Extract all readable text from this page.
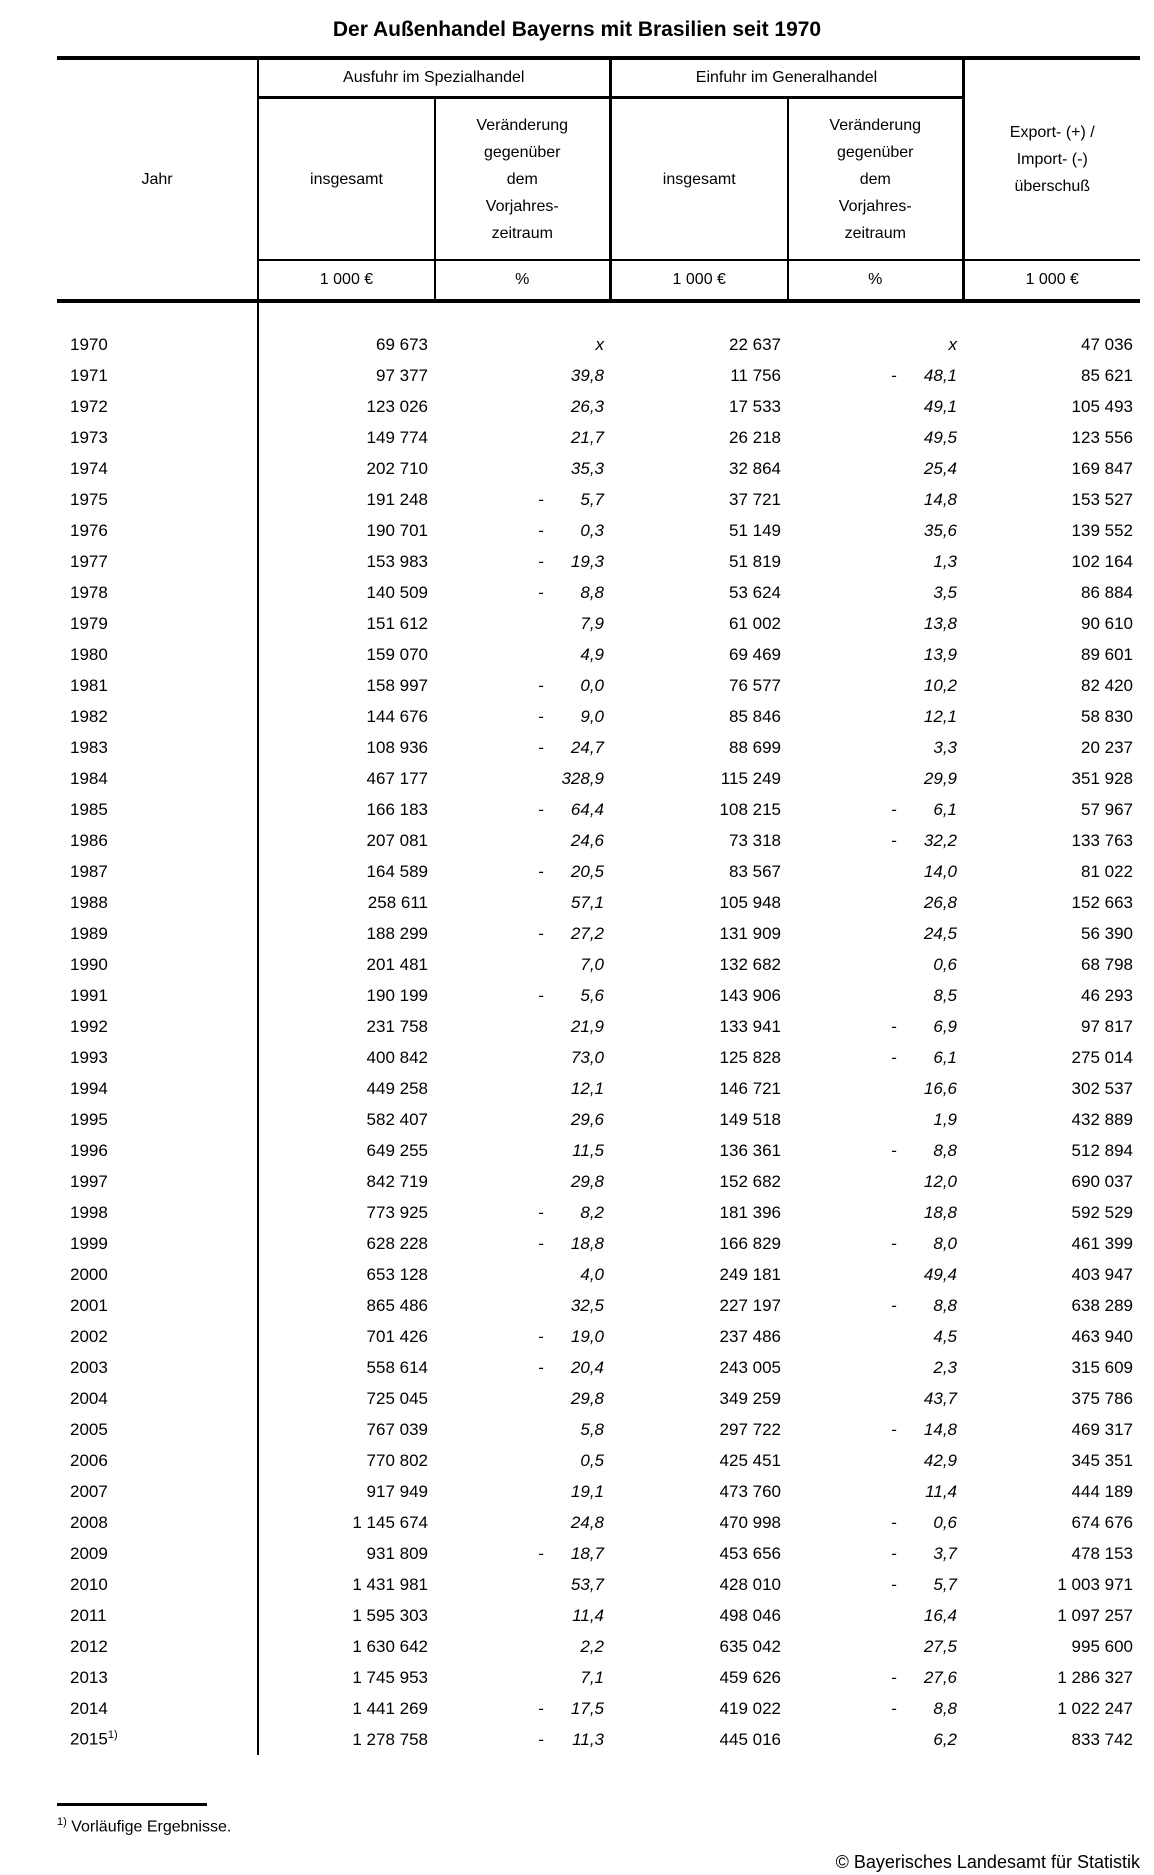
Der Außenhandel Bayerns mit Brasilien seit 1970
Jahr	Ausfuhr im Spezialhandel		Einfuhr im Generalhandel		Export- (+) /
Import- (-)
überschuß
	insgesamt	Veränderung
gegenüber
dem
Vorjahres-
zeitraum	insgesamt	Veränderung
gegenüber
dem
Vorjahres-
zeitraum	
	1 000 €	%	1 000 €	%	1 000 €

1970	69 673	x	22 637	x	47 036
1971	97 377	39,8	11 756	- 48,1	85 621
1972	123 026	26,3	17 533	49,1	105 493
1973	149 774	21,7	26 218	49,5	123 556
1974	202 710	35,3	32 864	25,4	169 847
1975	191 248	- 5,7	37 721	14,8	153 527
1976	190 701	- 0,3	51 149	35,6	139 552
1977	153 983	- 19,3	51 819	1,3	102 164
1978	140 509	- 8,8	53 624	3,5	86 884
1979	151 612	7,9	61 002	13,8	90 610
1980	159 070	4,9	69 469	13,9	89 601
1981	158 997	- 0,0	76 577	10,2	82 420
1982	144 676	- 9,0	85 846	12,1	58 830
1983	108 936	- 24,7	88 699	3,3	20 237
1984	467 177	328,9	115 249	29,9	351 928
1985	166 183	- 64,4	108 215	- 6,1	57 967
1986	207 081	24,6	73 318	- 32,2	133 763
1987	164 589	- 20,5	83 567	14,0	81 022
1988	258 611	57,1	105 948	26,8	152 663
1989	188 299	- 27,2	131 909	24,5	56 390
1990	201 481	7,0	132 682	0,6	68 798
1991	190 199	- 5,6	143 906	8,5	46 293
1992	231 758	21,9	133 941	- 6,9	97 817
1993	400 842	73,0	125 828	- 6,1	275 014
1994	449 258	12,1	146 721	16,6	302 537
1995	582 407	29,6	149 518	1,9	432 889
1996	649 255	11,5	136 361	- 8,8	512 894
1997	842 719	29,8	152 682	12,0	690 037
1998	773 925	- 8,2	181 396	18,8	592 529
1999	628 228	- 18,8	166 829	- 8,0	461 399
2000	653 128	4,0	249 181	49,4	403 947
2001	865 486	32,5	227 197	- 8,8	638 289
2002	701 426	- 19,0	237 486	4,5	463 940
2003	558 614	- 20,4	243 005	2,3	315 609
2004	725 045	29,8	349 259	43,7	375 786
2005	767 039	5,8	297 722	- 14,8	469 317
2006	770 802	0,5	425 451	42,9	345 351
2007	917 949	19,1	473 760	11,4	444 189
2008	1 145 674	24,8	470 998	- 0,6	674 676
2009	931 809	- 18,7	453 656	- 3,7	478 153
2010	1 431 981	53,7	428 010	- 5,7	1 003 971
2011	1 595 303	11,4	498 046	16,4	1 097 257
2012	1 630 642	2,2	635 042	27,5	995 600
2013	1 745 953	7,1	459 626	- 27,6	1 286 327
2014	1 441 269	- 17,5	419 022	- 8,8	1 022 247
2015$^{1)}$	1 278 758	- 11,3	445 016	6,2	833 742
$^{1)}$ Vorläufige Ergebnisse.
© Bayerisches Landesamt für Statistik
